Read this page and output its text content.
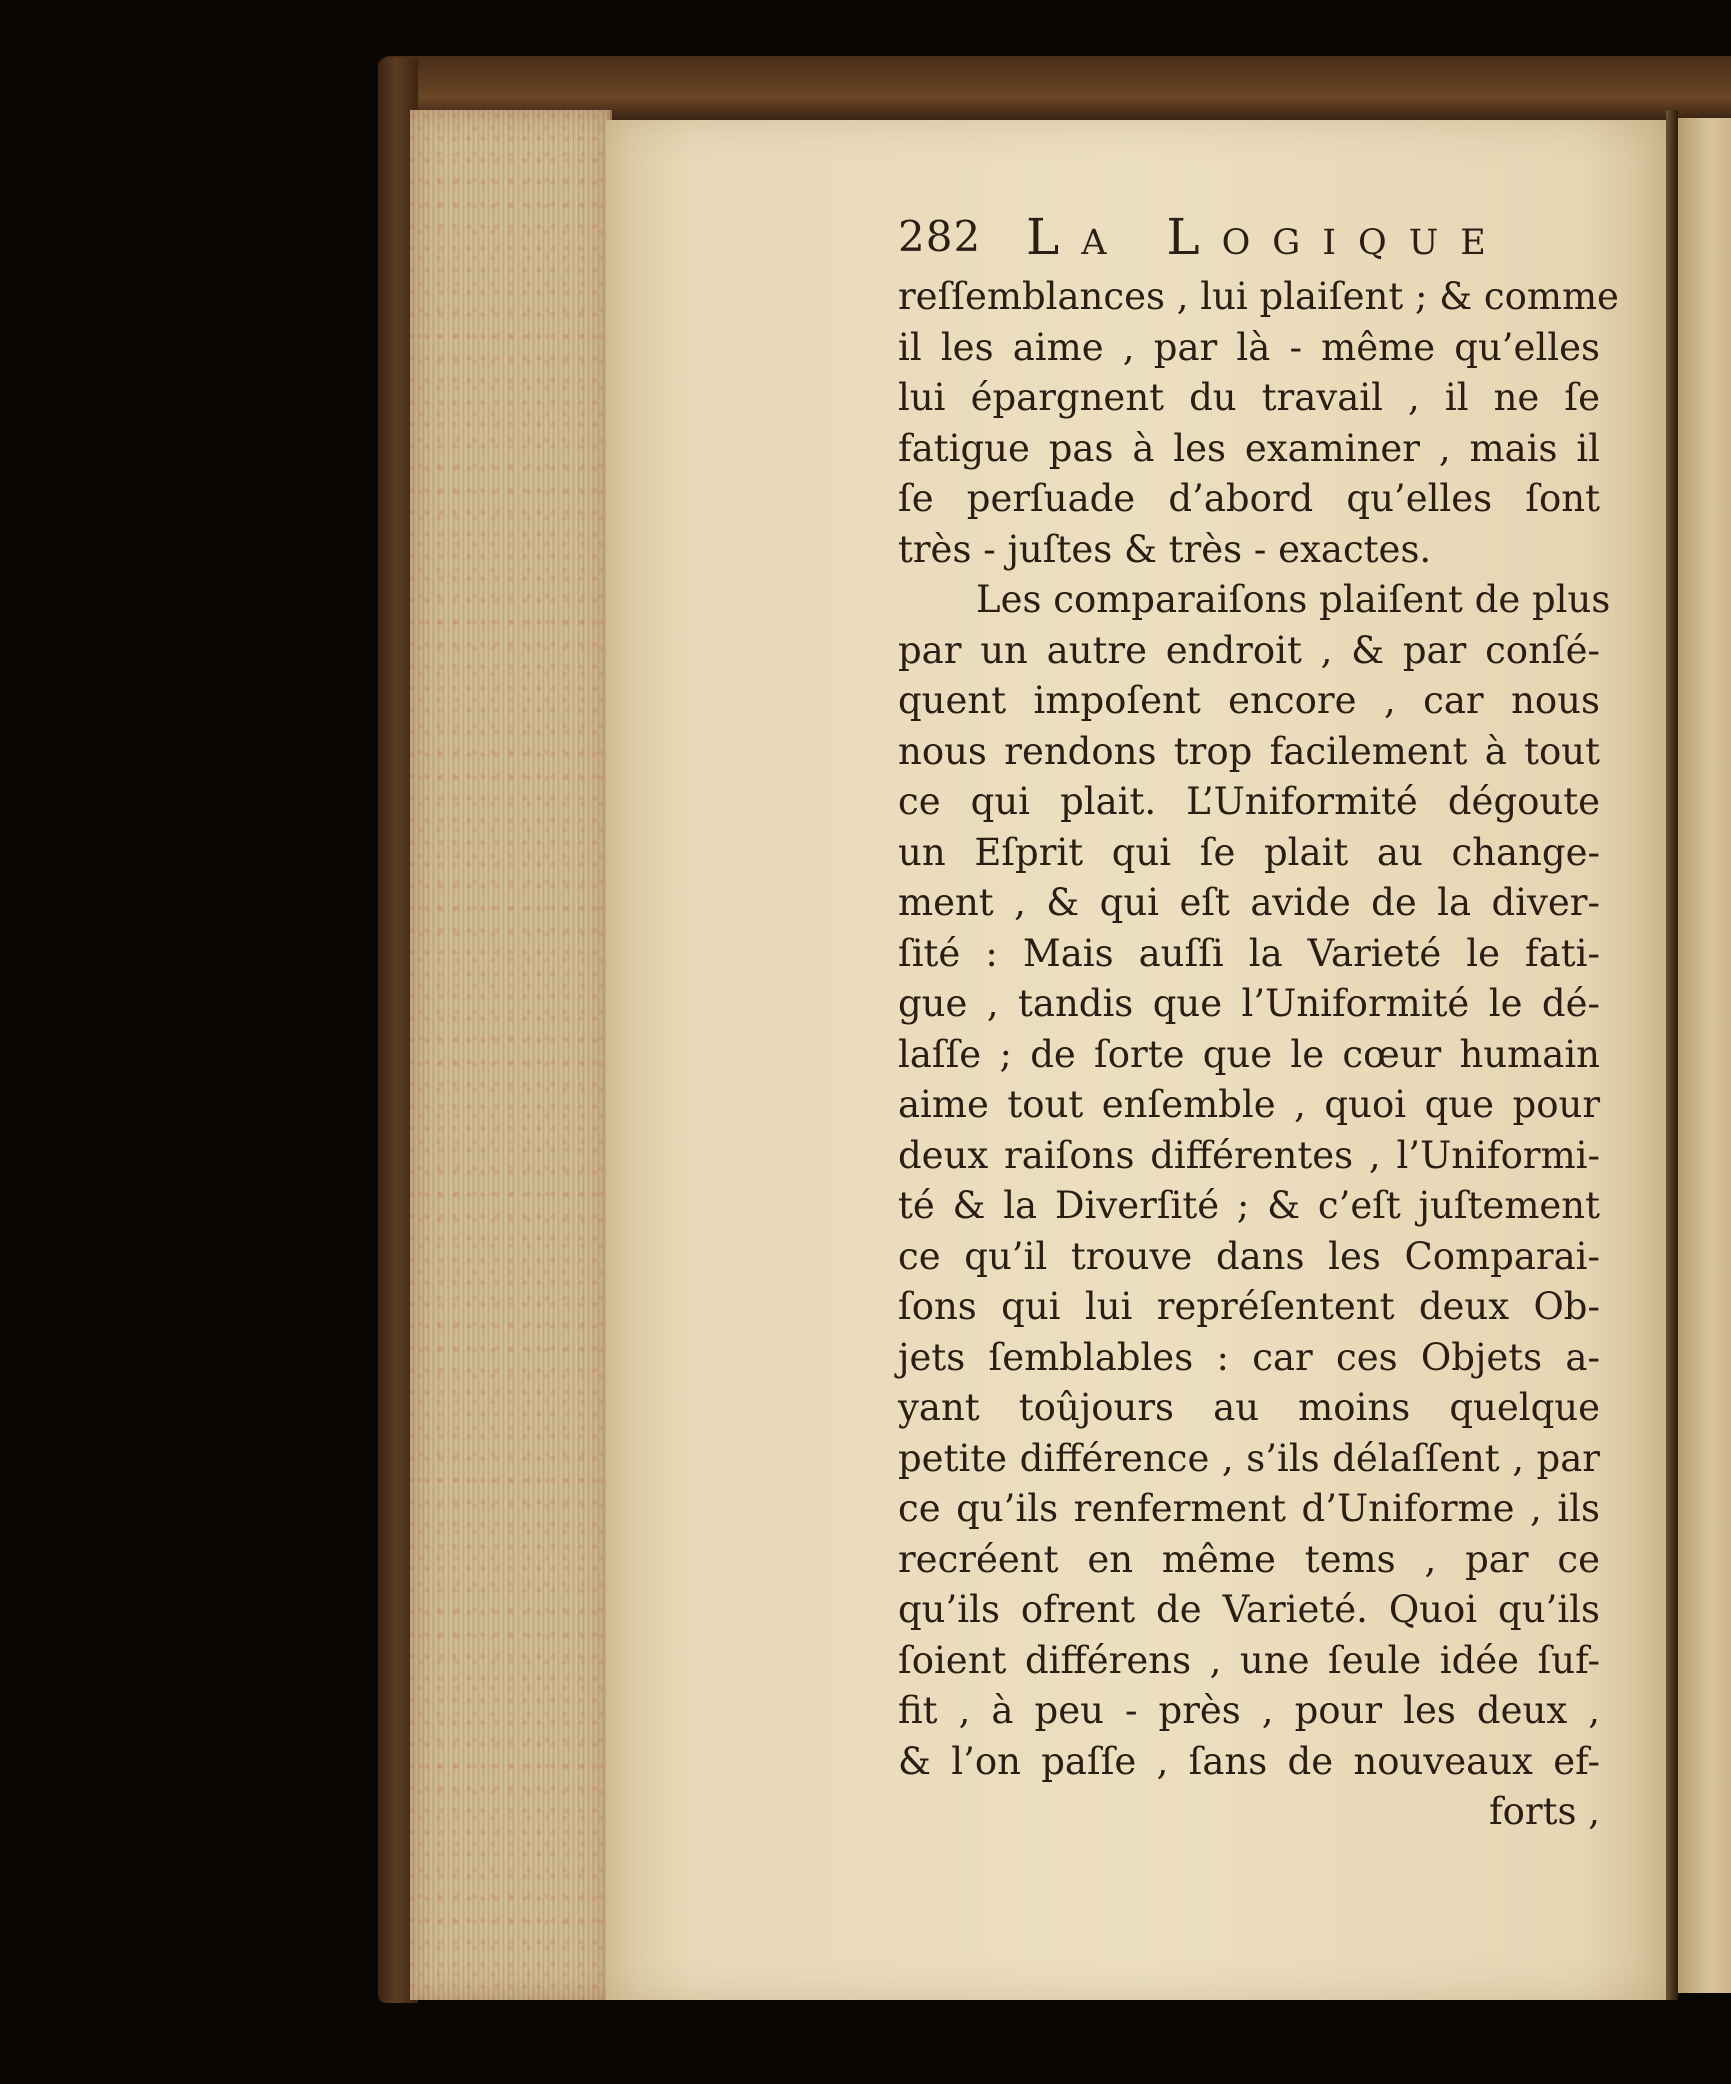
282 La Logique
reſſemblances , lui plaiſent ; & comme
il les aime , par là - même qu’elles
lui épargnent du travail , il ne ſe
fatigue pas à les examiner , mais il
ſe perſuade d’abord qu’elles ſont
très - juſtes & très - exactes.
Les comparaiſons plaiſent de plus
par un autre endroit , & par conſé-
quent impoſent encore , car nous
nous rendons trop facilement à tout
ce qui plait. L’Uniformité dégoute
un Eſprit qui ſe plait au change-
ment , & qui eſt avide de la diver-
ſité : Mais auſſi la Varieté le fati-
gue , tandis que l’Uniformité le dé-
laſſe ; de ſorte que le cœur humain
aime tout enſemble , quoi que pour
deux raiſons différentes , l’Uniformi-
té & la Diverſité ; & c’eſt juſtement
ce qu’il trouve dans les Comparai-
ſons qui lui repréſentent deux Ob-
jets ſemblables : car ces Objets a-
yant toûjours au moins quelque
petite différence , s’ils délaſſent , par
ce qu’ils renferment d’Uniforme , ils
recréent en même tems , par ce
qu’ils ofrent de Varieté. Quoi qu’ils
ſoient différens , une ſeule idée ſuf-
fit , à peu - près , pour les deux ,
& l’on paſſe , ſans de nouveaux ef-
forts ,
